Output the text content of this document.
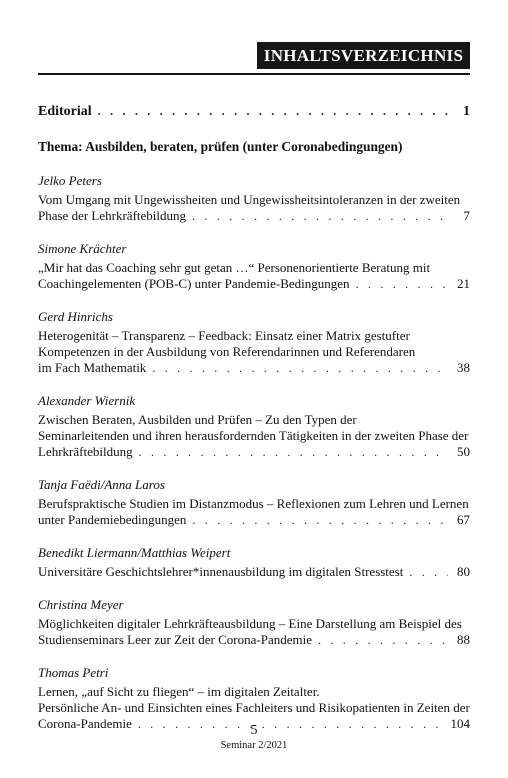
INHALTSVERZEICHNIS
Editorial . . .	1
Thema: Ausbilden, beraten, prüfen (unter Coronabedingungen)
Jelko Peters
Vom Umgang mit Ungewissheiten und Ungewissheitsintoleranzen in der zweiten
Phase der Lehrkräftebildung . . .	7
Simone Krächter
„Mir hat das Coaching sehr gut getan …“ Personenorientierte Beratung mit
Coachingelementen (POB-C) unter Pandemie-Bedingungen . . .	21
Gerd Hinrichs
Heterogenität – Transparenz – Feedback: Einsatz einer Matrix gestufter
Kompetenzen in der Ausbildung von Referendarinnen und Referendaren
im Fach Mathematik . . .	38
Alexander Wiernik
Zwischen Beraten, Ausbilden und Prüfen – Zu den Typen der
Seminarleitenden und ihren herausfordernden Tätigkeiten in der zweiten Phase der
Lehrkräftebildung . . .	50
Tanja Faëdi/Anna Laros
Berufspraktische Studien im Distanzmodus – Reflexionen zum Lehren und Lernen
unter Pandemiebedingungen . . .	67
Benedikt Liermann/Matthias Weipert
Universitäre Geschichtslehrer*innenausbildung im digitalen Stresstest . . .	80
Christina Meyer
Möglichkeiten digitaler Lehrkräfteausbildung – Eine Darstellung am Beispiel des
Studienseminars Leer zur Zeit der Corona-Pandemie . . .	88
Thomas Petri
Lernen, „auf Sicht zu fliegen“ – im digitalen Zeitalter.
Persönliche An- und Einsichten eines Fachleiters und Risikopatienten in Zeiten der
Corona-Pandemie . . .	104
5
Seminar 2/2021
